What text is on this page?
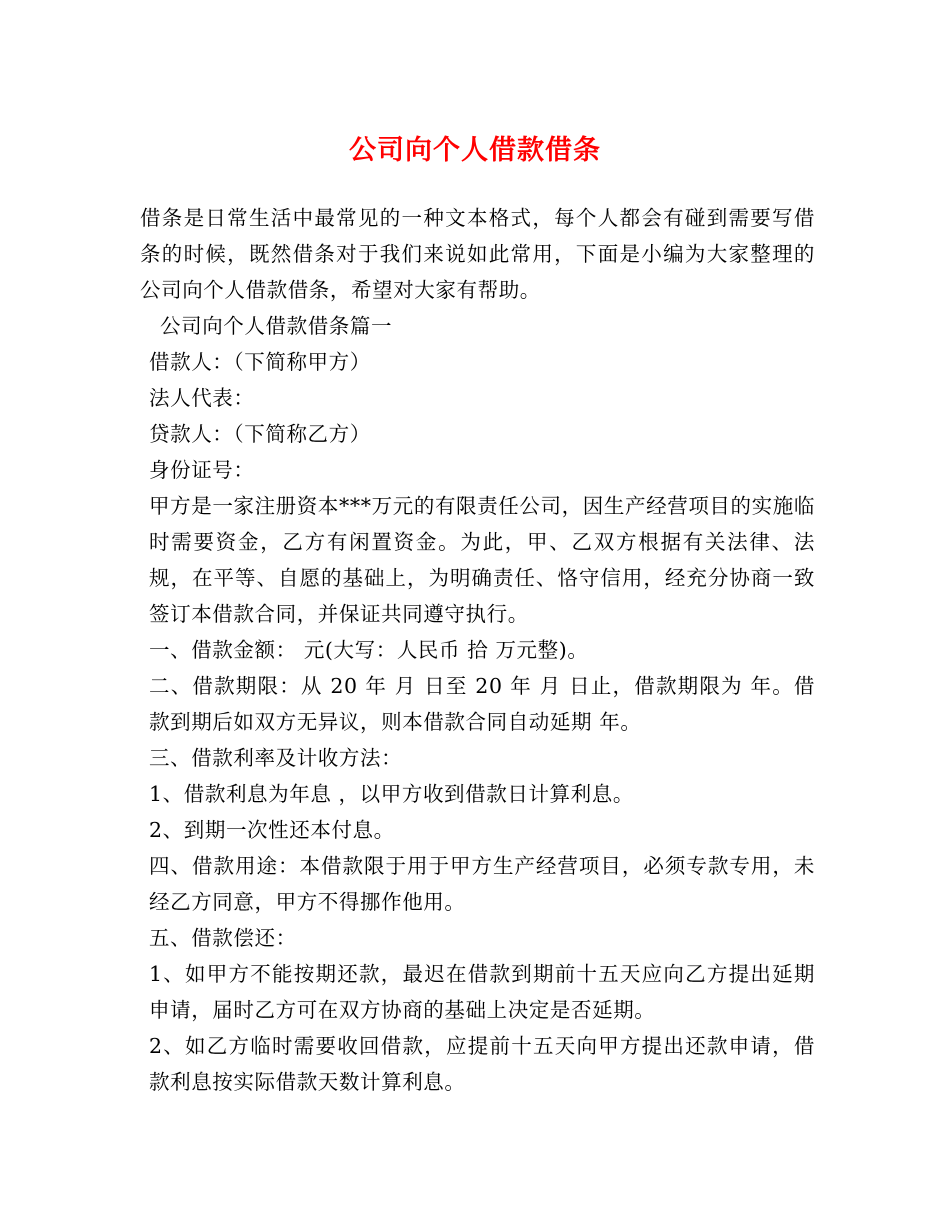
公司向个人借款借条

借条是日常生活中最常见的一种文本格式，每个人都会有碰到需要写借条的时候，既然借条对于我们来说如此常用，下面是小编为大家整理的公司向个人借款借条，希望对大家有帮助。

公司向个人借款借条篇一

借款人：（下简称甲方）

法人代表：

贷款人：（下简称乙方）

身份证号：

甲方是一家注册资本***万元的有限责任公司，因生产经营项目的实施临时需要资金，乙方有闲置资金。为此，甲、乙双方根据有关法律、法规，在平等、自愿的基础上，为明确责任、恪守信用，经充分协商一致签订本借款合同，并保证共同遵守执行。

一、借款金额： 元(大写：人民币 拾 万元整)。

二、借款期限：从 20 年 月 日至 20 年 月 日止，借款期限为 年。借款到期后如双方无异议，则本借款合同自动延期 年。

三、借款利率及计收方法：

1、借款利息为年息 ，以甲方收到借款日计算利息。

2、到期一次性还本付息。

四、借款用途：本借款限于用于甲方生产经营项目，必须专款专用，未经乙方同意，甲方不得挪作他用。

五、借款偿还：

1、如甲方不能按期还款，最迟在借款到期前十五天应向乙方提出延期申请，届时乙方可在双方协商的基础上决定是否延期。

2、如乙方临时需要收回借款，应提前十五天向甲方提出还款申请，借款利息按实际借款天数计算利息。
